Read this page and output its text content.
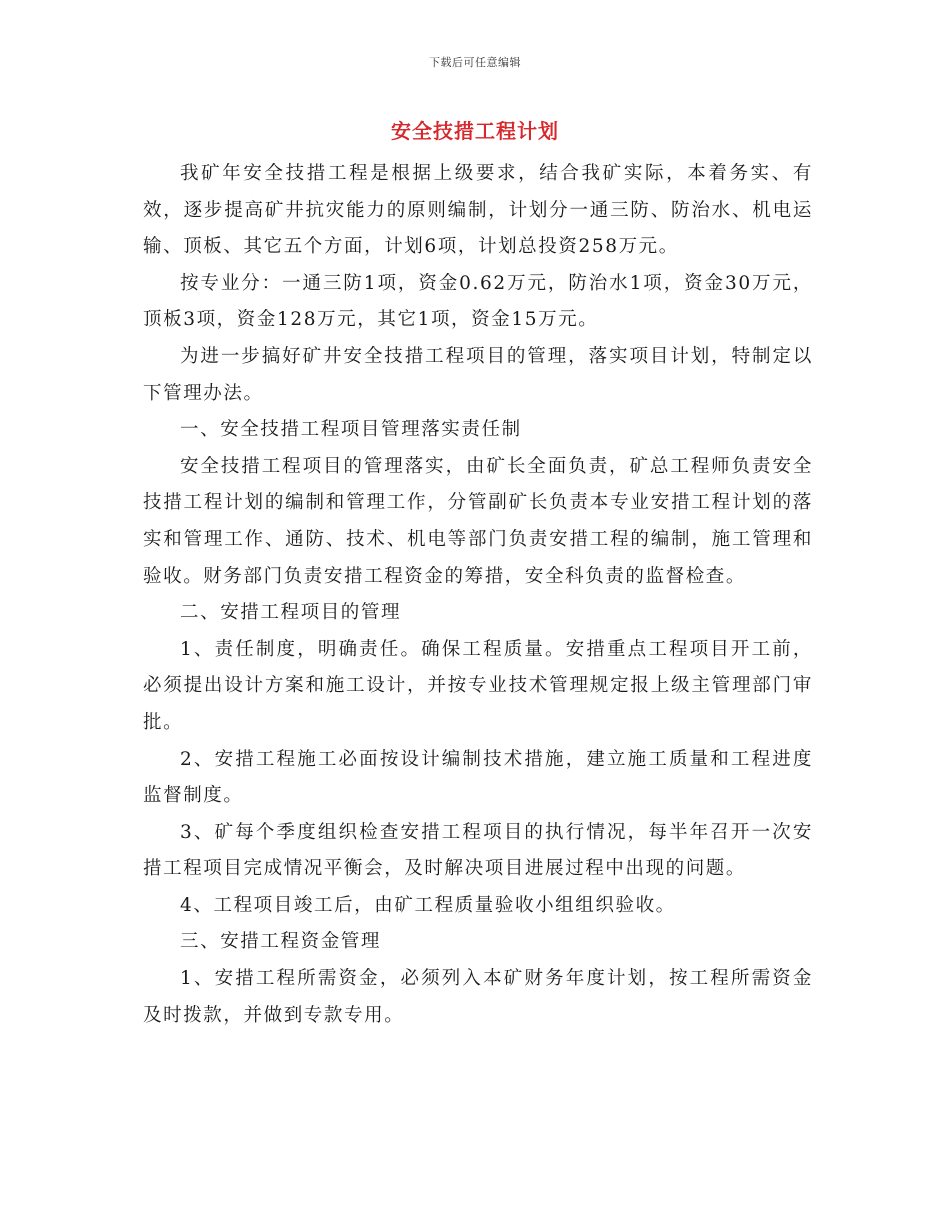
下载后可任意编辑
安全技措工程计划

我矿年安全技措工程是根据上级要求，结合我矿实际，本着务实、有效，逐步提高矿井抗灾能力的原则编制，计划分一通三防、防治水、机电运输、顶板、其它五个方面，计划6项，计划总投资258万元。

按专业分：一通三防1项，资金0.62万元，防治水1项，资金30万元，顶板3项，资金128万元，其它1项，资金15万元。

为进一步搞好矿井安全技措工程项目的管理，落实项目计划，特制定以下管理办法。

一、安全技措工程项目管理落实责任制

安全技措工程项目的管理落实，由矿长全面负责，矿总工程师负责安全技措工程计划的编制和管理工作，分管副矿长负责本专业安措工程计划的落实和管理工作、通防、技术、机电等部门负责安措工程的编制，施工管理和验收。财务部门负责安措工程资金的筹措，安全科负责的监督检查。

二、安措工程项目的管理

1、责任制度，明确责任。确保工程质量。安措重点工程项目开工前，必须提出设计方案和施工设计，并按专业技术管理规定报上级主管理部门审批。

2、安措工程施工必面按设计编制技术措施，建立施工质量和工程进度监督制度。

3、矿每个季度组织检查安措工程项目的执行情况，每半年召开一次安措工程项目完成情况平衡会，及时解决项目进展过程中出现的问题。

4、工程项目竣工后，由矿工程质量验收小组组织验收。

三、安措工程资金管理

1、安措工程所需资金，必须列入本矿财务年度计划，按工程所需资金及时拨款，并做到专款专用。
